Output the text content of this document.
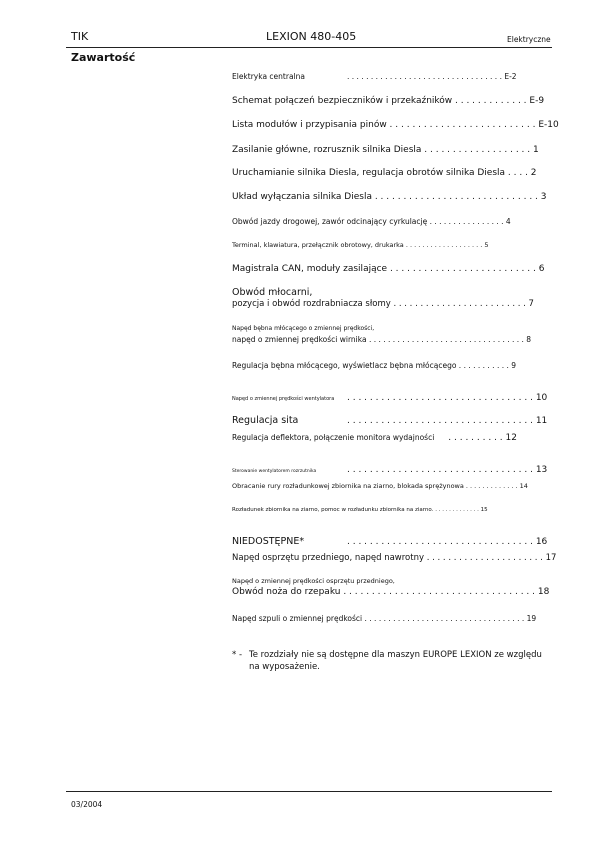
TIK	LEXION 480-405	Elektryczne
Zawartość
Elektryka centralna	. . . . . . . . . . . . . . . . . . . . . . . . . . . . . . . . . E-2
Schemat połączeń bezpieczników i przekaźników . . . . . . . . . . . . . E-9
Lista modułów i przypisania pinów . . . . . . . . . . . . . . . . . . . . . . . . . . E-10
Zasilanie główne, rozrusznik silnika Diesla . . . . . . . . . . . . . . . . . . . 1
Uruchamianie silnika Diesla, regulacja obrotów silnika Diesla . . . . 2
Układ wyłączania silnika Diesla . . . . . . . . . . . . . . . . . . . . . . . . . . . . . 3
Obwód jazdy drogowej, zawór odcinający cyrkulację . . . . . . . . . . . . . . . . 4
Terminal, klawiatura, przełącznik obrotowy, drukarka . . . . . . . . . . . . . . . . . . . 5
Magistrala CAN, moduły zasilające . . . . . . . . . . . . . . . . . . . . . . . . . . 6
Obwód młocarni,
pozycja i obwód rozdrabniacza słomy . . . . . . . . . . . . . . . . . . . . . . . . . 7
Napęd bębna młócącego o zmiennej prędkości,
napęd o zmiennej prędkości wirnika . . . . . . . . . . . . . . . . . . . . . . . . . . . . . . . . . 8
Regulacja bębna młócącego, wyświetlacz bębna młócącego . . . . . . . . . . . 9
Napęd o zmiennej prędkości wentylatora . . . . . . . . . . . . . . . . . . . . . . . . . . . . . . . . . 10
Regulacja sita	. . . . . . . . . . . . . . . . . . . . . . . . . . . . . . . . . 11
Regulacja deflektora, połączenie monitora wydajności . . . . . . . . . . 12
Sterowanie wentylatorem rozrzutnika	. . . . . . . . . . . . . . . . . . . . . . . . . . . . . . . . . 13
Obracanie rury rozładunkowej zbiornika na ziarno, blokada sprężynowa . . . . . . . . . . . . . 14
Rozładunek zbiornika na ziarno, pomoc w rozładunku zbiornika na ziarno. . . . . . . . . . . . . . 15
NIEDOSTĘPNE*	. . . . . . . . . . . . . . . . . . . . . . . . . . . . . . . . . 16
Napęd osprzętu przedniego, napęd nawrotny . . . . . . . . . . . . . . . . . . . . . . 17
Napęd o zmiennej prędkości osprzętu przedniego,
Obwód noża do rzepaku . . . . . . . . . . . . . . . . . . . . . . . . . . . . . . . . . . 18
Napęd szpuli o zmiennej prędkości . . . . . . . . . . . . . . . . . . . . . . . . . . . . . . . . . . 19
* - Te rozdziały nie są dostępne dla maszyn EUROPE LEXION ze względu
na wyposażenie.
03/2004
